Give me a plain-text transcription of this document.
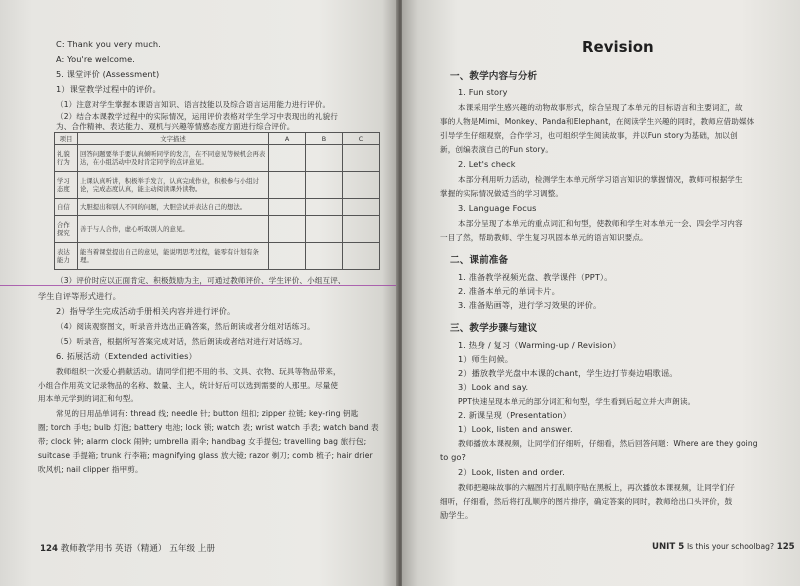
C: Thank you very much.
A: You're welcome.
5. 课堂评价 (Assessment)
1）课堂教学过程中的评价。
（1）注意对学生掌握本课语言知识、语言技能以及综合语言运用能力进行评价。
（2）结合本课教学过程中的实际情况，运用评价表格对学生学习中表现出的礼貌行
为、合作精神、表达能力、观机与兴趣等情感态度方面进行综合评价。
项目	文字描述	A	B	C
礼貌行为	回答问题要举手要认真倾听同学的发言，在不同意见等候机会再表达，在小组活动中及时肯定同学的点评意见。			
学习态度	上课认真听讲，积极举手发言，认真完成作业，积极参与小组讨论，完成态度认真，能主动阅读课外读物。			
自信	大胆提出和别人不同的问题，大胆尝试并表达自己的想法。			
合作探究	善于与人合作，虚心听取别人的意见。			
表达能力	能当着课堂提出自己的意见，能说明思考过程，能零有计划有条理。			
（3）评价时应以正面肯定、积极鼓励为主，可通过教师评价、学生评价、小组互评、
学生自评等形式进行。
2）指导学生完成活动手册相关内容并进行评价。
（4）阅读观察图文，听录音并选出正确答案，然后朗读或者分组对话练习。
（5）听录音，根据所写答案完成对话，然后朗读或者结对进行对话练习。
6. 拓展活动（Extended activities）
教师组织一次爱心捐献活动。请同学们把不用的书、文具、衣物、玩具等物品带来，
小组合作用英文记录物品的名称、数量、主人，统计好后可以选到需要的人那里。尽量使
用本单元学到的词汇和句型。
常见的日用品单词有: thread 线; needle 针; button 纽扣; zipper 拉链; key-ring 钥匙
圈; torch 手电; bulb 灯泡; battery 电池; lock 锁; watch 表; wrist watch 手表; watch band 表
带; clock 钟; alarm clock 闹钟; umbrella 雨伞; handbag 女手提包; travelling bag 旅行包;
suitcase 手提箱; trunk 行李箱; magnifying glass 放大镜; razor 剃刀; comb 梳子; hair drier
吹风机; nail clipper 指甲剪。
124 教师教学用书 英语（精通） 五年级 上册
Revision
一、教学内容与分析
1. Fun story
本课采用学生感兴趣的动物故事形式，综合呈现了本单元的目标语言和主要词汇，故
事的人物是Mimi、Monkey、Panda和Elephant，在阅读学生兴趣的同时，教师应借助媒体
引导学生仔细观察，合作学习，也可组织学生阅读故事，并以Fun story为基础，加以创
新，创编表演自己的Fun story。
2. Let's check
本部分利用听力活动，检测学生本单元所学习语言知识的掌握情况，教师可根据学生
掌握的实际情况做适当的学习调整。
3. Language Focus
本部分呈现了本单元的重点词汇和句型，使教师和学生对本单元一会、四会学习内容
一目了然，帮助教师、学生复习巩固本单元的语言知识要点。
二、课前准备
1. 准备教学视频光盘、教学课件（PPT）。
2. 准备本单元的单词卡片。
3. 准备贴画等，进行学习效果的评价。
三、教学步骤与建议
1. 热身 / 复习（Warming-up / Revision）
1）师生问候。
2）播放教学光盘中本课的chant，学生边打节奏边唱歌谣。
3）Look and say.
PPT快速呈现本单元的部分词汇和句型，学生看到后起立并大声朗读。
2. 新课呈现（Presentation）
1）Look, listen and answer.
教师播放本课视频，让同学们仔细听，仔细看，然后回答问题：Where are they going
to go?
2）Look, listen and order.
教师把趣味故事的六幅图片打乱顺序贴在黑板上，再次播放本课视频，让同学们仔
细听，仔细看，然后将打乱顺序的图片排序，确定答案的同时，教师给出口头评价，鼓
励学生。
UNIT 5 Is this your schoolbag? 125
